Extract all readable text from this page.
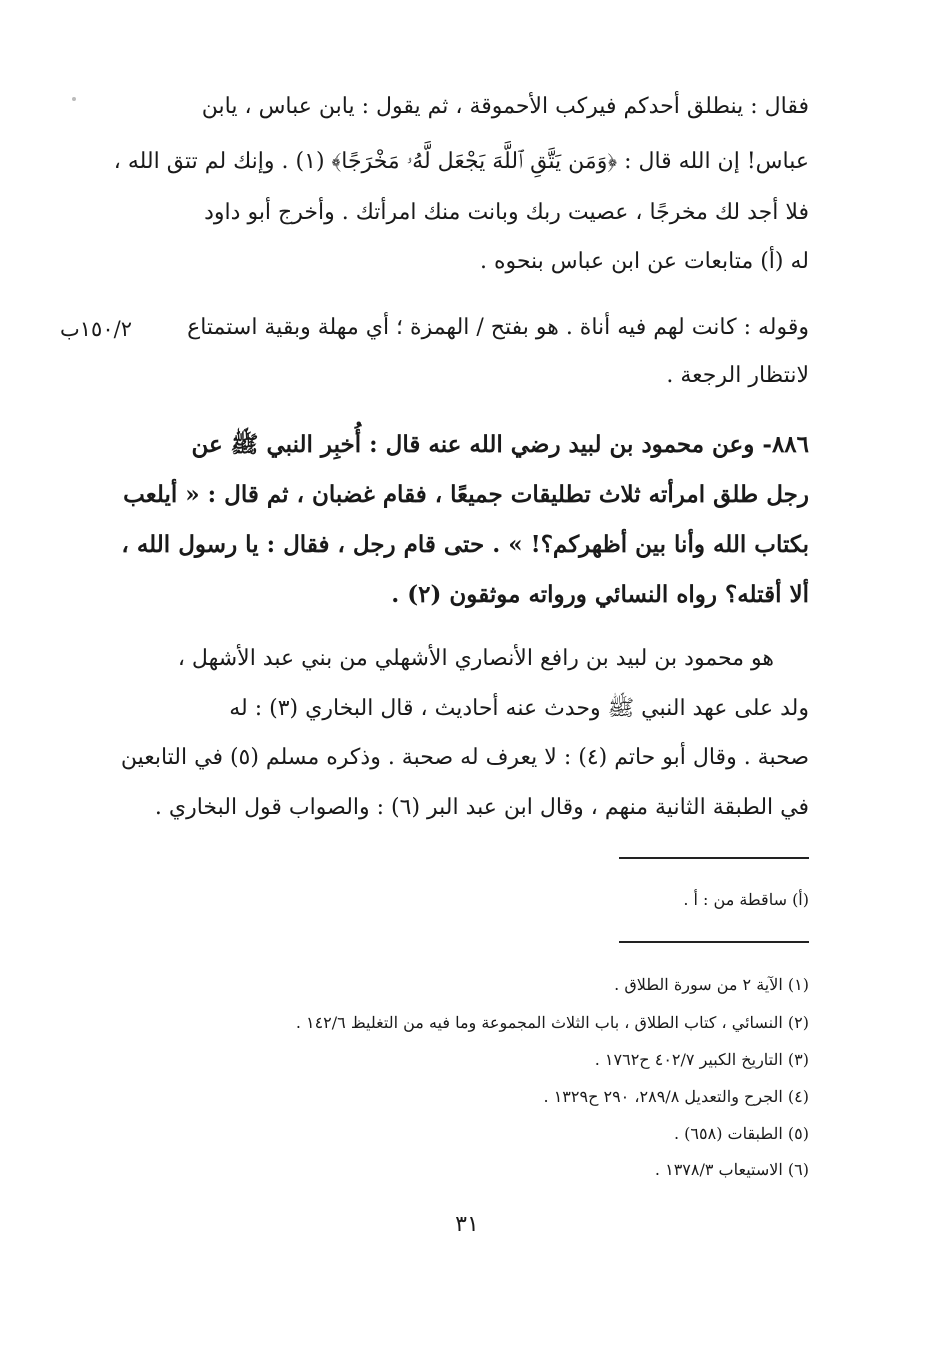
فقال : ينطلق أحدكم فيركب الأحموقة ، ثم يقول : يابن عباس ، يابن
عباس! إن الله قال : ﴿وَمَن يَتَّقِ ٱللَّهَ يَجْعَل لَّهُۥ مَخْرَجًا﴾ (١) . وإنك لم تتق الله ،
فلا أجد لك مخرجًا ، عصيت ربك وبانت منك امرأتك . وأخرج أبو داود
له (أ) متابعات عن ابن عباس بنحوه .
وقوله : كانت لهم فيه أناة . هو بفتح / الهمزة ؛ أي مهلة وبقية استمتاع
لانتظار الرجعة .
١٥٠/٢ب
٨٨٦- وعن محمود بن لبيد رضي الله عنه قال : أُخبِر النبي ﷺ عن
رجل طلق امرأته ثلاث تطليقات جميعًا ، فقام غضبان ، ثم قال : « أيلعب
بكتاب الله وأنا بين أظهركم؟! » . حتى قام رجل ، فقال : يا رسول الله ،
ألا أقتله؟ رواه النسائي ورواته موثقون (٢) .
هو محمود بن لبيد بن رافع الأنصاري الأشهلي من بني عبد الأشهل ،
ولد على عهد النبي ﷺ وحدث عنه أحاديث ، قال البخاري (٣) : له
صحبة . وقال أبو حاتم (٤) : لا يعرف له صحبة . وذكره مسلم (٥) في التابعين
في الطبقة الثانية منهم ، وقال ابن عبد البر (٦) : والصواب قول البخاري .
(أ) ساقطة من : أ .
(١) الآية ٢ من سورة الطلاق .
(٢) النسائي ، كتاب الطلاق ، باب الثلاث المجموعة وما فيه من التغليظ ١٤٢/٦ .
(٣) التاريخ الكبير ٤٠٢/٧ ح١٧٦٢ .
(٤) الجرح والتعديل ٢٨٩/٨، ٢٩٠ ح١٣٢٩ .
(٥) الطبقات (٦٥٨) .
(٦) الاستيعاب ١٣٧٨/٣ .
٣١
